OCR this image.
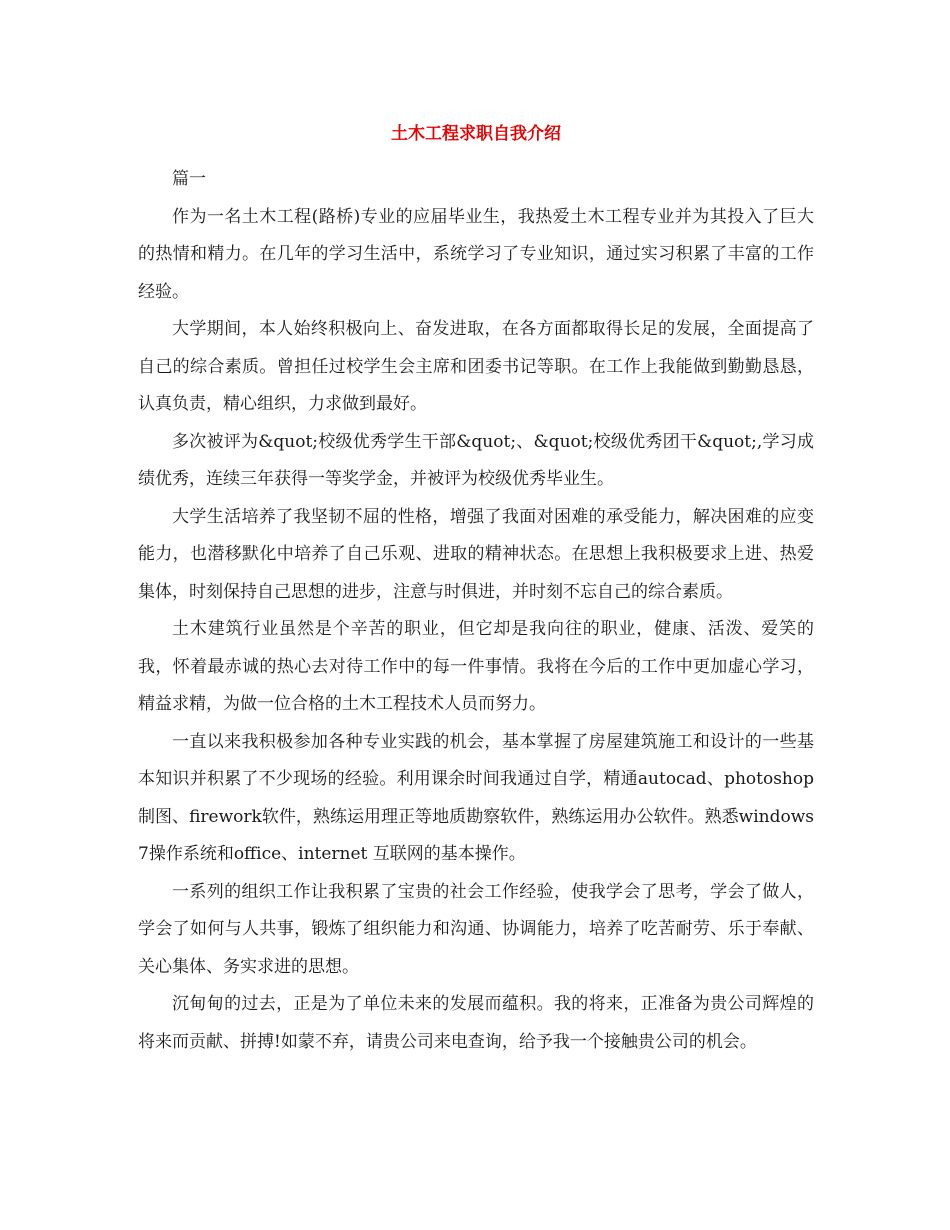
土木工程求职自我介绍

篇一

作为一名土木工程(路桥)专业的应届毕业生，我热爱土木工程专业并为其投入了巨大的热情和精力。在几年的学习生活中，系统学习了专业知识，通过实习积累了丰富的工作经验。

大学期间，本人始终积极向上、奋发进取，在各方面都取得长足的发展，全面提高了自己的综合素质。曾担任过校学生会主席和团委书记等职。在工作上我能做到勤勤恳恳，认真负责，精心组织，力求做到最好。

多次被评为&quot;校级优秀学生干部&quot;、&quot;校级优秀团干&quot;,学习成绩优秀，连续三年获得一等奖学金，并被评为校级优秀毕业生。

大学生活培养了我坚韧不屈的性格，增强了我面对困难的承受能力，解决困难的应变能力，也潜移默化中培养了自己乐观、进取的精神状态。在思想上我积极要求上进、热爱集体，时刻保持自己思想的进步，注意与时俱进，并时刻不忘自己的综合素质。

土木建筑行业虽然是个辛苦的职业，但它却是我向往的职业，健康、活泼、爱笑的我，怀着最赤诚的热心去对待工作中的每一件事情。我将在今后的工作中更加虚心学习，精益求精，为做一位合格的土木工程技术人员而努力。

一直以来我积极参加各种专业实践的机会，基本掌握了房屋建筑施工和设计的一些基本知识并积累了不少现场的经验。利用课余时间我通过自学，精通autocad、photoshop制图、firework软件，熟练运用理正等地质勘察软件，熟练运用办公软件。熟悉windows7操作系统和office、internet 互联网的基本操作。

一系列的组织工作让我积累了宝贵的社会工作经验，使我学会了思考，学会了做人，学会了如何与人共事，锻炼了组织能力和沟通、协调能力，培养了吃苦耐劳、乐于奉献、关心集体、务实求进的思想。

沉甸甸的过去，正是为了单位未来的发展而蕴积。我的将来，正准备为贵公司辉煌的将来而贡献、拼搏!如蒙不弃，请贵公司来电查询，给予我一个接触贵公司的机会。
